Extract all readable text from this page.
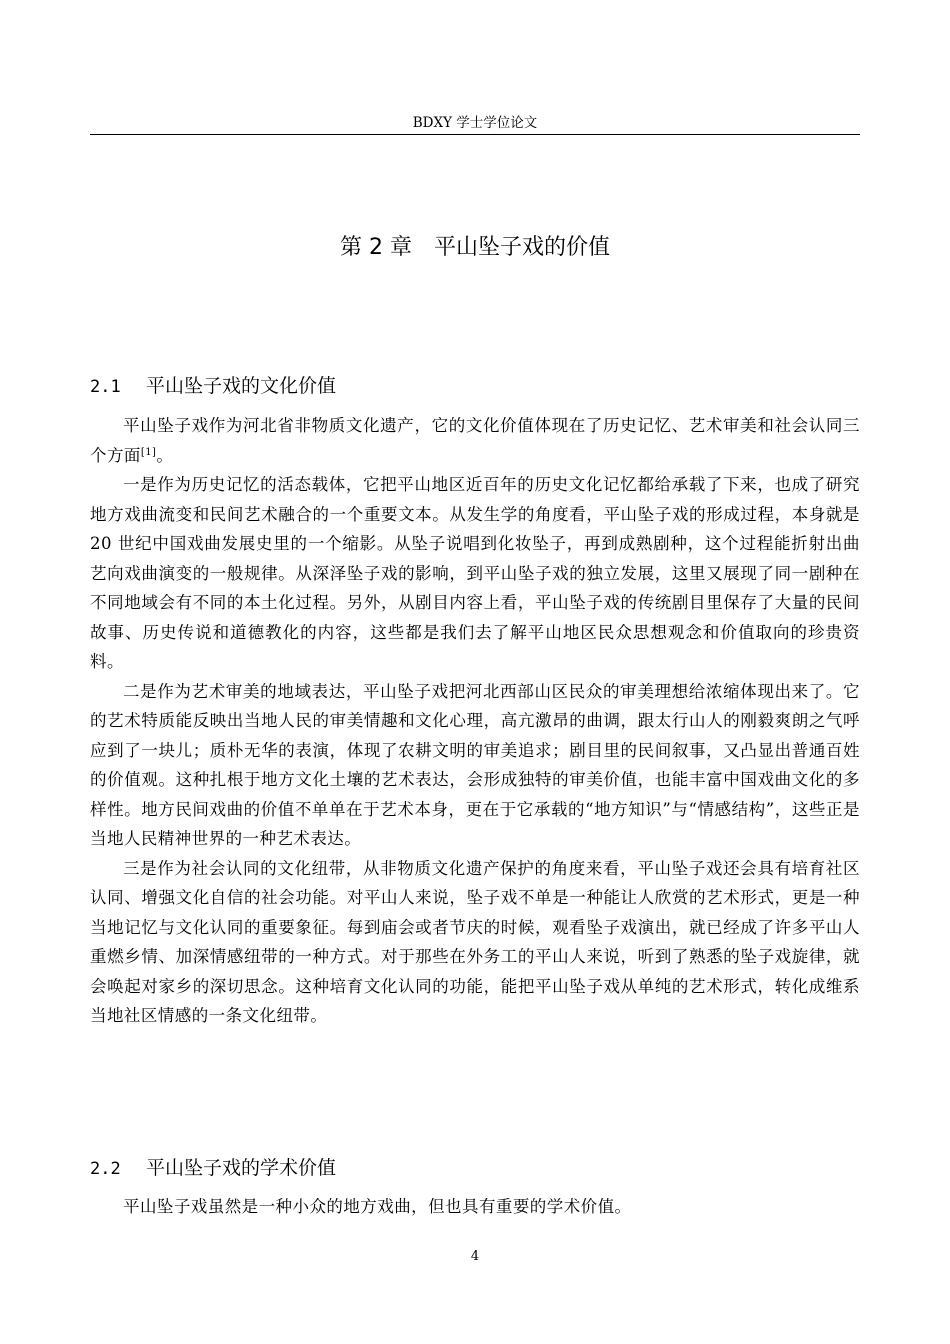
BDXY 学士学位论文
第 2 章 平山坠子戏的价值
2.1 平山坠子戏的文化价值

平山坠子戏作为河北省非物质文化遗产，它的文化价值体现在了历史记忆、艺术审美和社会认同三个方面[1]。

一是作为历史记忆的活态载体，它把平山地区近百年的历史文化记忆都给承载了下来，也成了研究地方戏曲流变和民间艺术融合的一个重要文本。从发生学的角度看，平山坠子戏的形成过程，本身就是 20 世纪中国戏曲发展史里的一个缩影。从坠子说唱到化妆坠子，再到成熟剧种，这个过程能折射出曲艺向戏曲演变的一般规律。从深泽坠子戏的影响，到平山坠子戏的独立发展，这里又展现了同一剧种在不同地域会有不同的本土化过程。另外，从剧目内容上看，平山坠子戏的传统剧目里保存了大量的民间故事、历史传说和道德教化的内容，这些都是我们去了解平山地区民众思想观念和价值取向的珍贵资料。

二是作为艺术审美的地域表达，平山坠子戏把河北西部山区民众的审美理想给浓缩体现出来了。它的艺术特质能反映出当地人民的审美情趣和文化心理，高亢激昂的曲调，跟太行山人的刚毅爽朗之气呼应到了一块儿；质朴无华的表演，体现了农耕文明的审美追求；剧目里的民间叙事，又凸显出普通百姓的价值观。这种扎根于地方文化土壤的艺术表达，会形成独特的审美价值，也能丰富中国戏曲文化的多样性。地方民间戏曲的价值不单单在于艺术本身，更在于它承载的“地方知识”与“情感结构”，这些正是当地人民精神世界的一种艺术表达。

三是作为社会认同的文化纽带，从非物质文化遗产保护的角度来看，平山坠子戏还会具有培育社区认同、增强文化自信的社会功能。对平山人来说，坠子戏不单是一种能让人欣赏的艺术形式，更是一种当地记忆与文化认同的重要象征。每到庙会或者节庆的时候，观看坠子戏演出，就已经成了许多平山人重燃乡情、加深情感纽带的一种方式。对于那些在外务工的平山人来说，听到了熟悉的坠子戏旋律，就会唤起对家乡的深切思念。这种培育文化认同的功能，能把平山坠子戏从单纯的艺术形式，转化成维系当地社区情感的一条文化纽带。

2.2 平山坠子戏的学术价值

平山坠子戏虽然是一种小众的地方戏曲，但也具有重要的学术价值。

4
